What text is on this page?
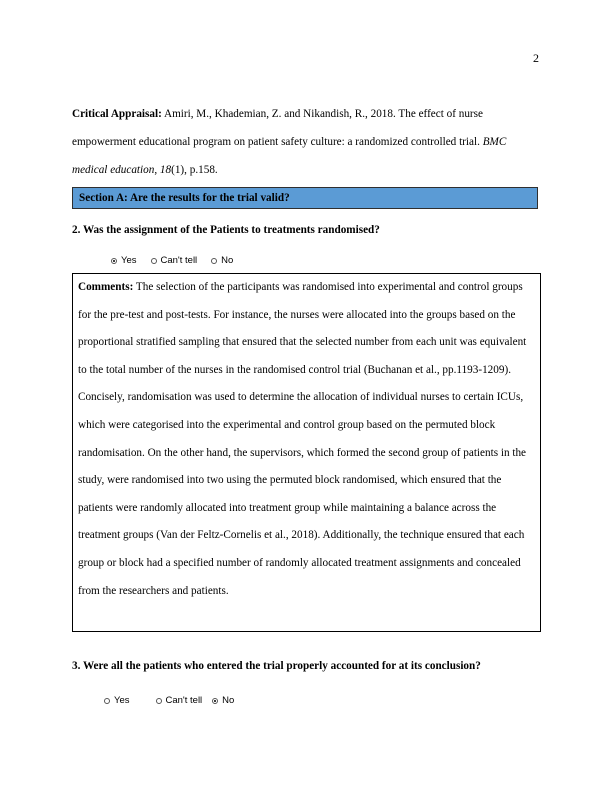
2
Critical Appraisal: Amiri, M., Khademian, Z. and Nikandish, R., 2018. The effect of nurse empowerment educational program on patient safety culture: a randomized controlled trial. BMC medical education, 18(1), p.158.
Section A: Are the results for the trial valid?
2. Was the assignment of the Patients to treatments randomised?
Yes	Can't tell	No
Comments: The selection of the participants was randomised into experimental and control groups for the pre-test and post-tests. For instance, the nurses were allocated into the groups based on the proportional stratified sampling that ensured that the selected number from each unit was equivalent to the total number of the nurses in the randomised control trial (Buchanan et al., pp.1193-1209). Concisely, randomisation was used to determine the allocation of individual nurses to certain ICUs, which were categorised into the experimental and control group based on the permuted block randomisation. On the other hand, the supervisors, which formed the second group of patients in the study, were randomised into two using the permuted block randomised, which ensured that the patients were randomly allocated into treatment group while maintaining a balance across the treatment groups (Van der Feltz-Cornelis et al., 2018). Additionally, the technique ensured that each group or block had a specified number of randomly allocated treatment assignments and concealed from the researchers and patients.
3. Were all the patients who entered the trial properly accounted for at its conclusion?
Yes	Can't tell No
